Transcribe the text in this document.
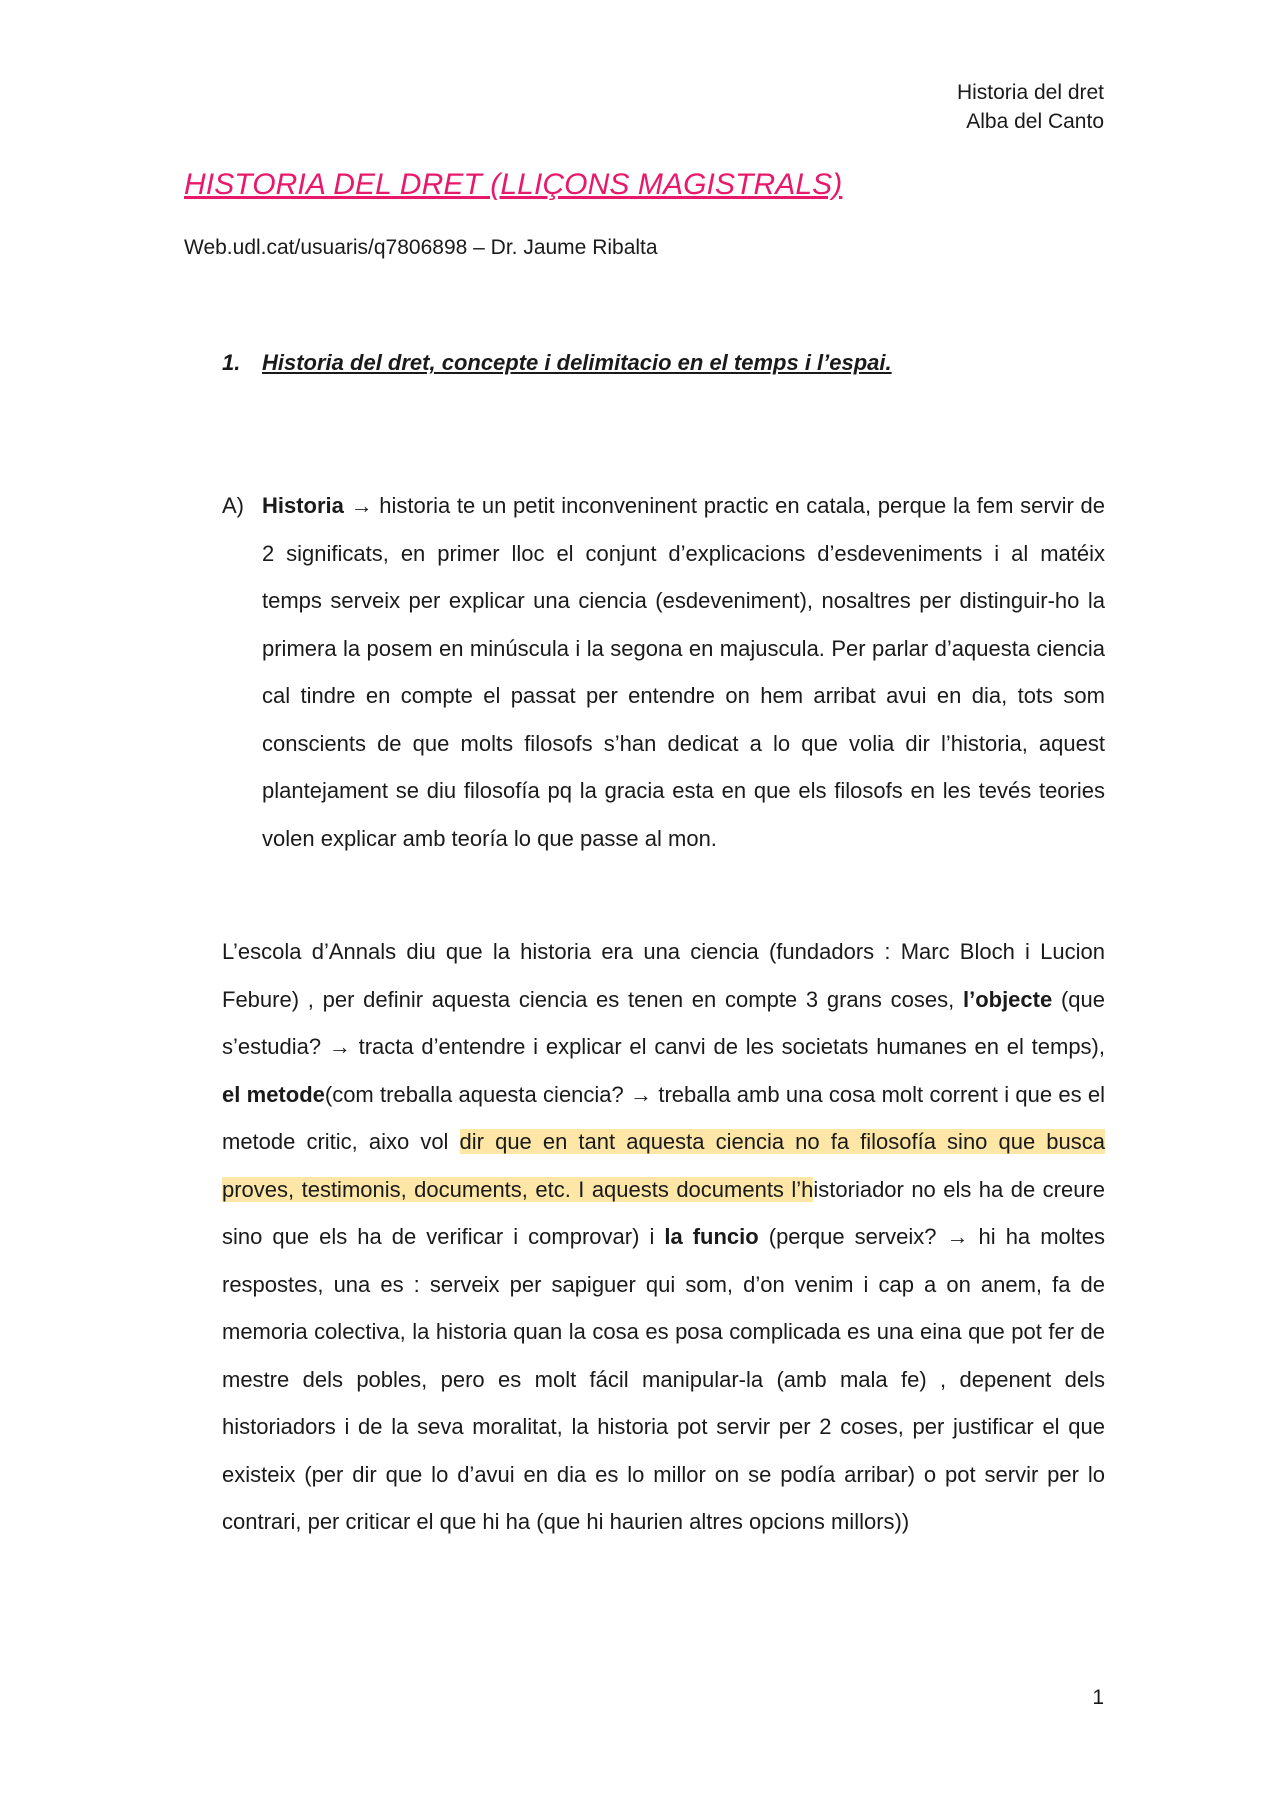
Historia del dret
Alba del Canto
HISTORIA DEL DRET (LLIÇONS MAGISTRALS)
Web.udl.cat/usuaris/q7806898 – Dr. Jaume Ribalta
1. Historia del dret, concepte i delimitacio en el temps i l’espai.
A) Historia → historia te un petit inconveninent practic en catala, perque la fem servir de 2 significats, en primer lloc el conjunt d’explicacions d’esdeveniments i al matéix temps serveix per explicar una ciencia (esdeveniment), nosaltres per distinguir-ho la primera la posem en minúscula i la segona en majuscula. Per parlar d’aquesta ciencia cal tindre en compte el passat per entendre on hem arribat avui en dia, tots som conscients de que molts filosofs s’han dedicat a lo que volia dir l’historia, aquest plantejament se diu filosofía pq la gracia esta en que els filosofs en les tevés teories volen explicar amb teoría lo que passe al mon.

L’escola d’Annals diu que la historia era una ciencia (fundadors : Marc Bloch i Lucion Febure) , per definir aquesta ciencia es tenen en compte 3 grans coses, l’objecte (que s’estudia? → tracta d’entendre i explicar el canvi de les societats humanes en el temps), el metode(com treballa aquesta ciencia? → treballa amb una cosa molt corrent i que es el metode critic, aixo vol dir que en tant aquesta ciencia no fa filosofía sino que busca proves, testimonis, documents, etc. I aquests documents l’historiador no els ha de creure sino que els ha de verificar i comprovar) i la funcio (perque serveix? → hi ha moltes respostes, una es : serveix per sapiguer qui som, d’on venim i cap a on anem, fa de memoria colectiva, la historia quan la cosa es posa complicada es una eina que pot fer de mestre dels pobles, pero es molt fácil manipular-la (amb mala fe) , depenent dels historiadors i de la seva moralitat, la historia pot servir per 2 coses, per justificar el que existeix (per dir que lo d’avui en dia es lo millor on se podía arribar) o pot servir per lo contrari, per criticar el que hi ha (que hi haurien altres opcions millors))

1
